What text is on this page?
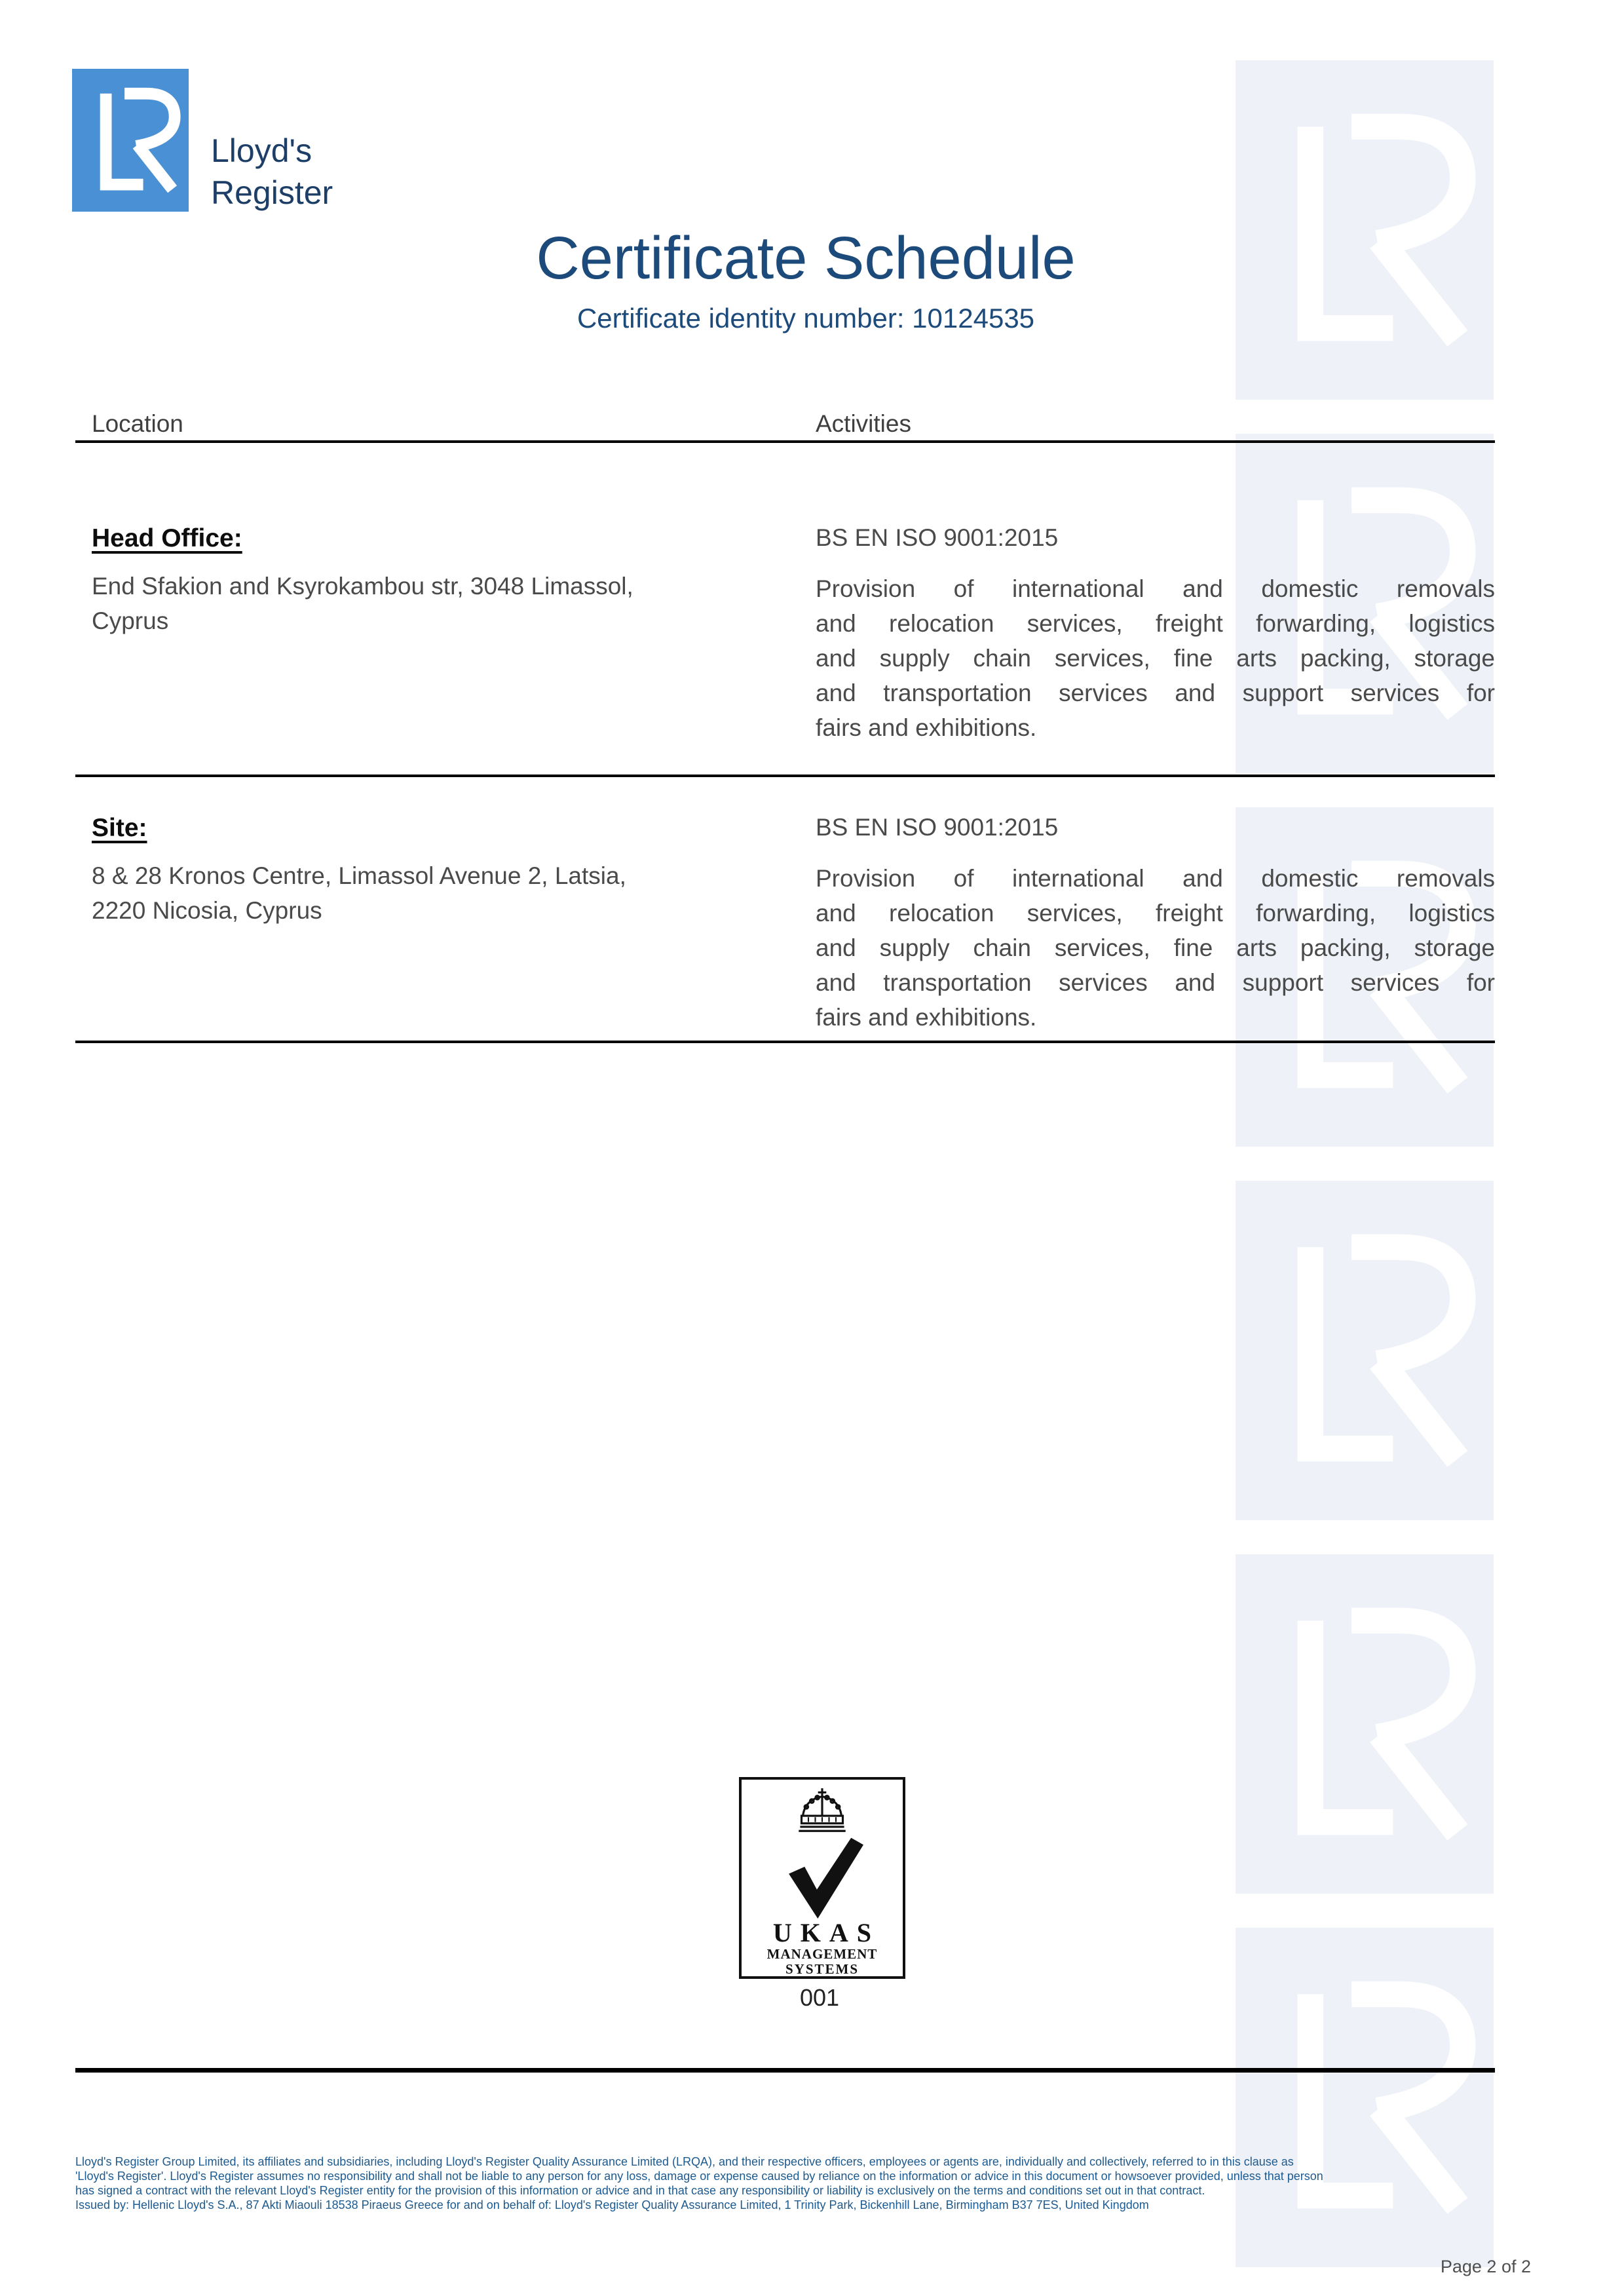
Lloyd's
Register
Certificate Schedule
Certificate identity number: 10124535
Location	Activities
Head Office:
End Sfakion and Ksyrokambou str, 3048 Limassol,
Cyprus
BS EN ISO 9001:2015
Provision of international and domestic removals
and relocation services, freight forwarding, logistics
and supply chain services, fine arts packing, storage
and transportation services and support services for
fairs and exhibitions.
Site:
8 & 28 Kronos Centre, Limassol Avenue 2, Latsia,
2220 Nicosia, Cyprus
BS EN ISO 9001:2015
Provision of international and domestic removals
and relocation services, freight forwarding, logistics
and supply chain services, fine arts packing, storage
and transportation services and support services for
fairs and exhibitions.
UKAS
MANAGEMENT
SYSTEMS
001
Lloyd's Register Group Limited, its affiliates and subsidiaries, including Lloyd's Register Quality Assurance Limited (LRQA), and their respective officers, employees or agents are, individually and collectively, referred to in this clause as
'Lloyd's Register'. Lloyd's Register assumes no responsibility and shall not be liable to any person for any loss, damage or expense caused by reliance on the information or advice in this document or howsoever provided, unless that person
has signed a contract with the relevant Lloyd's Register entity for the provision of this information or advice and in that case any responsibility or liability is exclusively on the terms and conditions set out in that contract.
Issued by: Hellenic Lloyd's S.A., 87 Akti Miaouli 18538 Piraeus Greece for and on behalf of: Lloyd's Register Quality Assurance Limited, 1 Trinity Park, Bickenhill Lane, Birmingham B37 7ES, United Kingdom
Page 2 of 2
